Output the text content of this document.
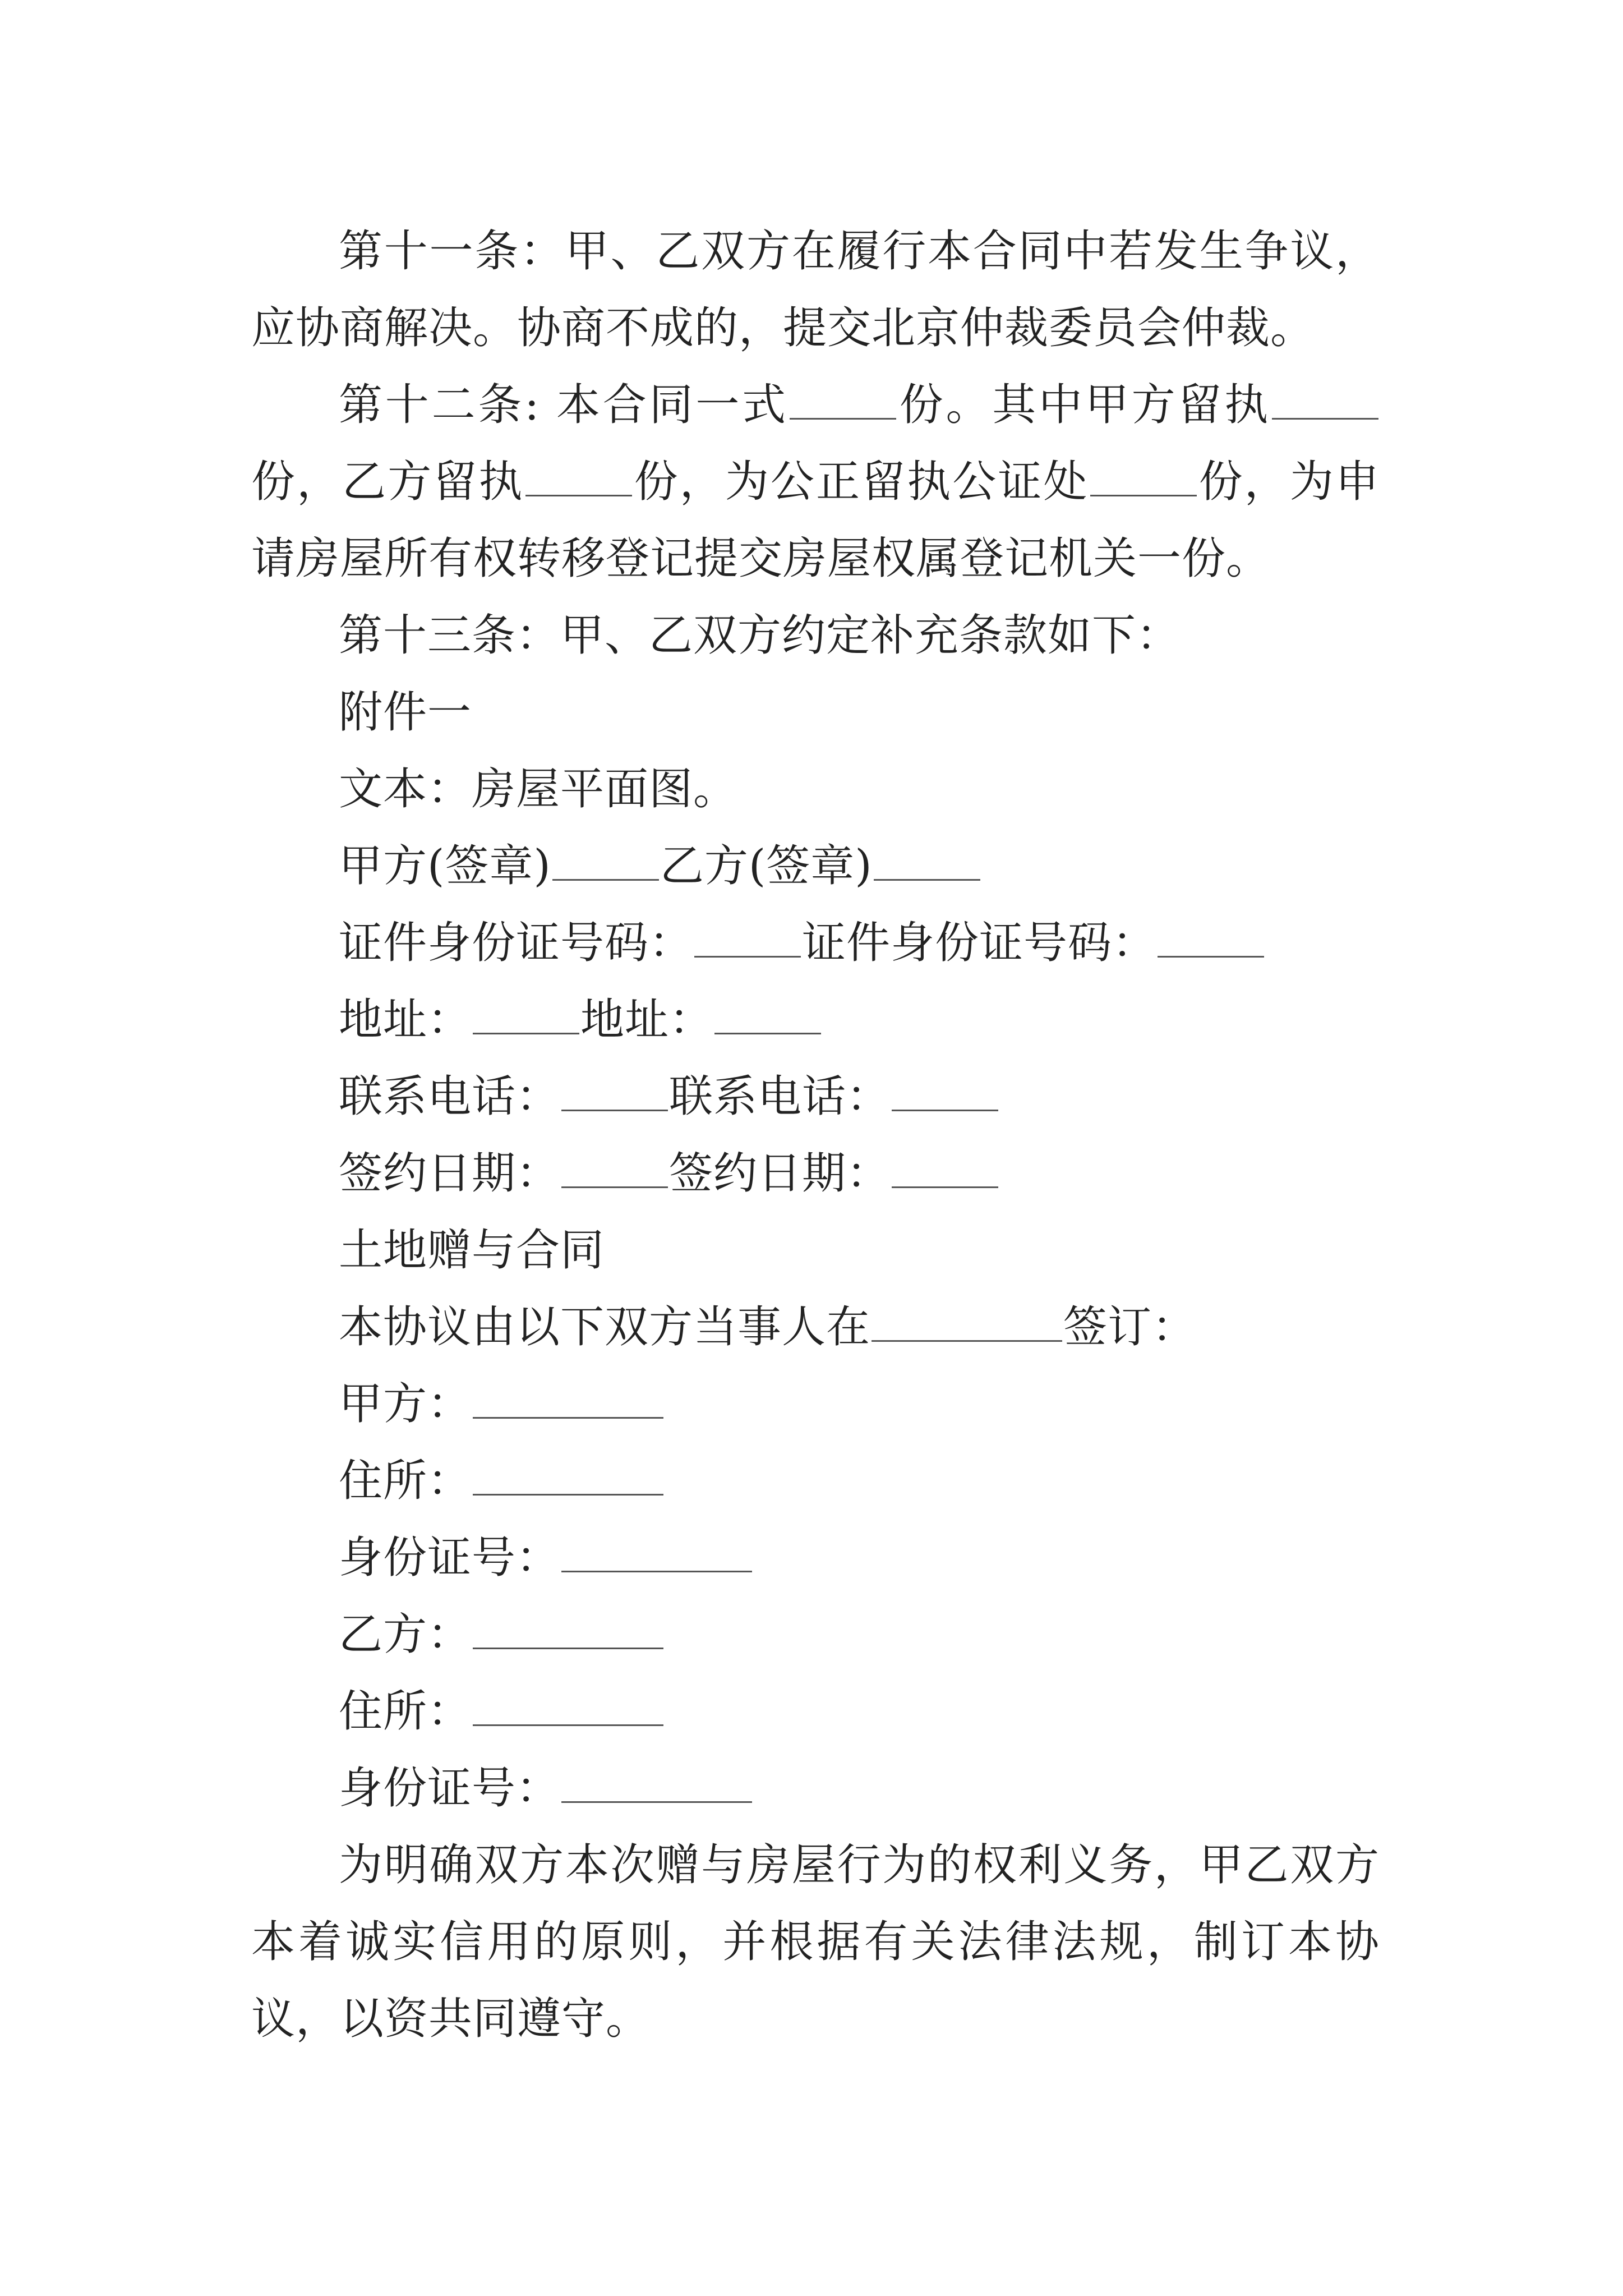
第十一条：甲、乙双方在履行本合同中若发生争议，应协商解决。协商不成的，提交北京仲裁委员会仲裁。

第十二条: 本合同一式 份。其中甲方留执份，乙方留执 份，为公正留执公证处 份，为申请房屋所有权转移登记提交房屋权属登记机关一份。

第十三条：甲、乙双方约定补充条款如下：

附件一

文本：房屋平面图。

甲方(签章) 乙方(签章)

证件身份证号码： 证件身份证号码：

地址： 地址：

联系电话： 联系电话：

签约日期： 签约日期：

土地赠与合同

本协议由以下双方当事人在	签订：

甲方：

住所：

身份证号：

乙方：

住所：

身份证号：

为明确双方本次赠与房屋行为的权利义务，甲乙双方本着诚实信用的原则，并根据有关法律法规，制订本协议，以资共同遵守。
